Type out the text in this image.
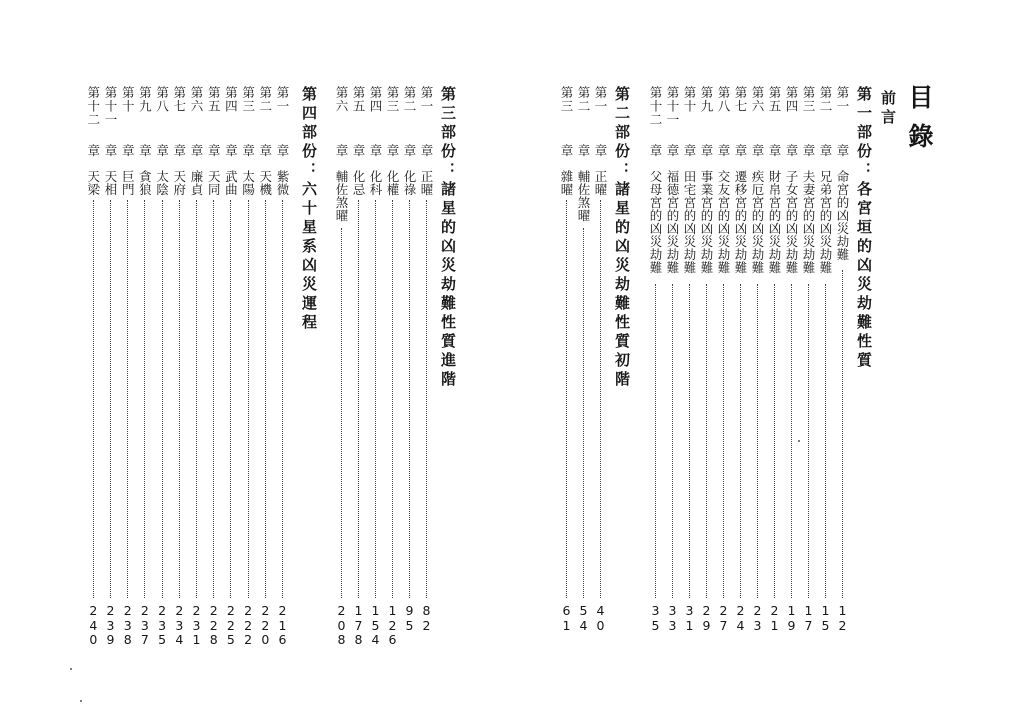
目錄
前言
第一部份：各宮垣的凶災劫難性質
第一
章
命宮的凶災劫難
1
2
第二
章
兄弟宮的凶災劫難
1
5
第三
章
夫妻宮的凶災劫難
1
7
第四
章
子女宮的凶災劫難
1
9
第五
章
財帛宮的凶災劫難
2
1
第六
章
疾厄宮的凶災劫難
2
3
第七
章
遷移宮的凶災劫難
2
4
第八
章
交友宮的凶災劫難
2
7
第九
章
事業宮的凶災劫難
2
9
第十
章
田宅宮的凶災劫難
3
1
第十一
章
福德宮的凶災劫難
3
3
第十二
章
父母宮的凶災劫難
3
5
第二部份：諸星的凶災劫難性質初階
第一
章
正曜
4
0
第二
章
輔佐煞曜
5
4
第三
章
雜曜
6
1
第三部份：諸星的凶災劫難性質進階
第一
章
正曜
8
2
第二
章
化祿
9
5
第三
章
化權
1
2
6
第四
章
化科
1
5
4
第五
章
化忌
1
7
8
第六
章
輔佐煞曜
2
0
8
第四部份：六十星系凶災運程
第一
章
紫微
2
1
6
第二
章
天機
2
2
0
第三
章
太陽
2
2
2
第四
章
武曲
2
2
5
第五
章
天同
2
2
8
第六
章
廉貞
2
3
1
第七
章
天府
2
3
4
第八
章
太陰
2
3
5
第九
章
貪狼
2
3
7
第十
章
巨門
2
3
8
第十一
章
天相
2
3
9
第十二
章
天梁
2
4
0
